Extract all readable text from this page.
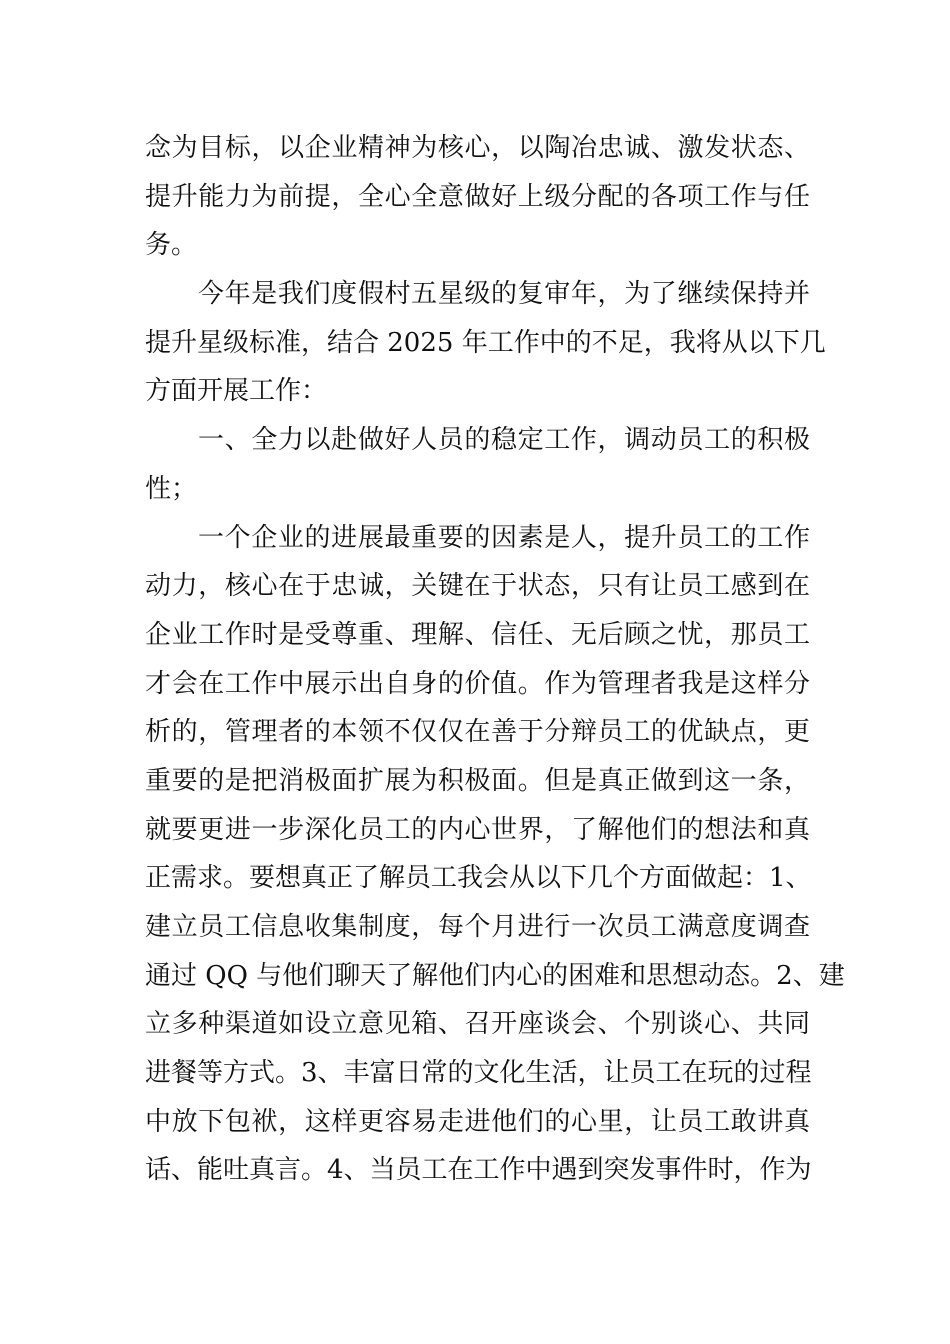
念为目标，以企业精神为核心，以陶冶忠诚、激发状态、
提升能力为前提，全心全意做好上级分配的各项工作与任
务。
今年是我们度假村五星级的复审年，为了继续保持并
提升星级标准，结合 2025 年工作中的不足，我将从以下几
方面开展工作：
一、全力以赴做好人员的稳定工作，调动员工的积极
性；
一个企业的进展最重要的因素是人，提升员工的工作
动力，核心在于忠诚，关键在于状态，只有让员工感到在
企业工作时是受尊重、理解、信任、无后顾之忧，那员工
才会在工作中展示出自身的价值。作为管理者我是这样分
析的，管理者的本领不仅仅在善于分辩员工的优缺点，更
重要的是把消极面扩展为积极面。但是真正做到这一条，
就要更进一步深化员工的内心世界，了解他们的想法和真
正需求。要想真正了解员工我会从以下几个方面做起：1、
建立员工信息收集制度，每个月进行一次员工满意度调查
通过 QQ 与他们聊天了解他们内心的困难和思想动态。2、建
立多种渠道如设立意见箱、召开座谈会、个别谈心、共同
进餐等方式。3、丰富日常的文化生活，让员工在玩的过程
中放下包袱，这样更容易走进他们的心里，让员工敢讲真
话、能吐真言。4、当员工在工作中遇到突发事件时，作为
